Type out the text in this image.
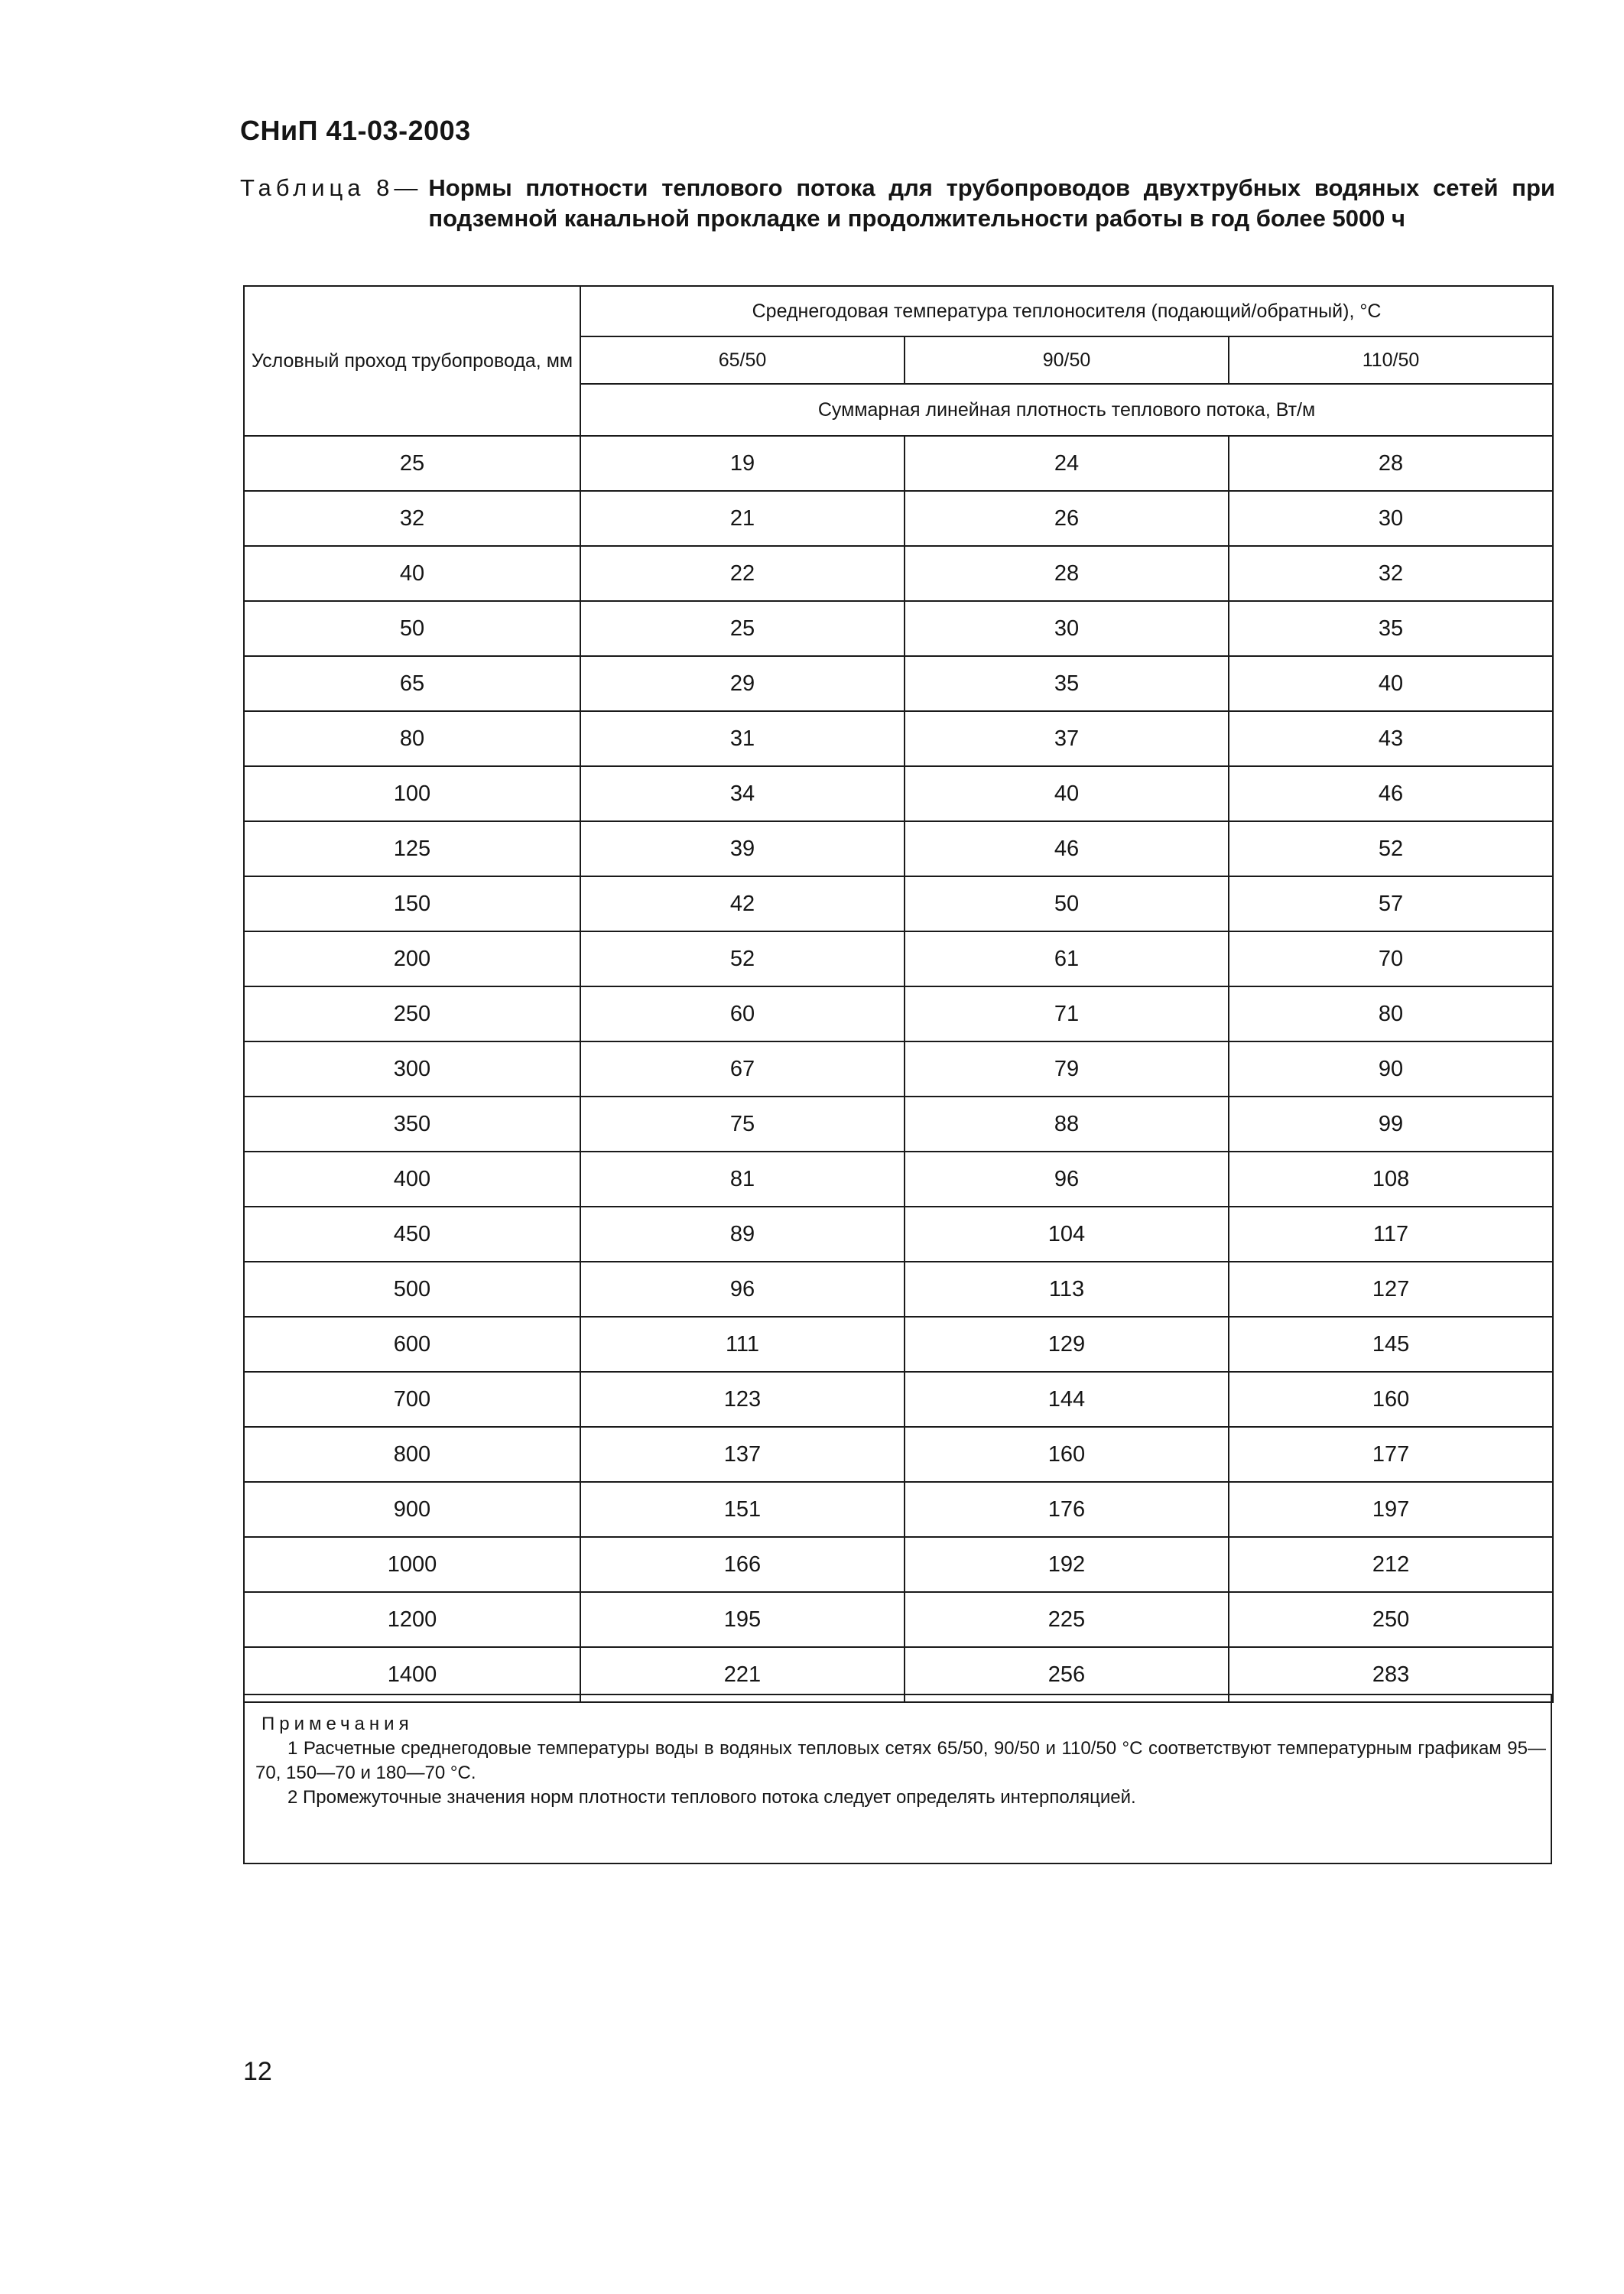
СНиП 41-03-2003
Таблица 8— Нормы плотности теплового потока для трубопроводов двухтрубных водяных сетей при подземной канальной прокладке и продолжительности работы в год более 5000 ч
Условный проход трубопровода, мм	Среднегодовая температура теплоносителя (подающий/обратный), °С		
	65/50	90/50	110/50
	Суммарная линейная плотность теплового потока, Вт/м		
25	19	24	28
32	21	26	30
40	22	28	32
50	25	30	35
65	29	35	40
80	31	37	43
100	34	40	46
125	39	46	52
150	42	50	57
200	52	61	70
250	60	71	80
300	67	79	90
350	75	88	99
400	81	96	108
450	89	104	117
500	96	113	127
600	111	129	145
700	123	144	160
800	137	160	177
900	151	176	197
1000	166	192	212
1200	195	225	250
1400	221	256	283
Примечания
1 Расчетные среднегодовые температуры воды в водяных тепловых сетях 65/50, 90/50 и 110/50 °С соответствуют температурным графикам 95—70, 150—70 и 180—70 °С.
2 Промежуточные значения норм плотности теплового потока следует определять интерполяцией.
12
